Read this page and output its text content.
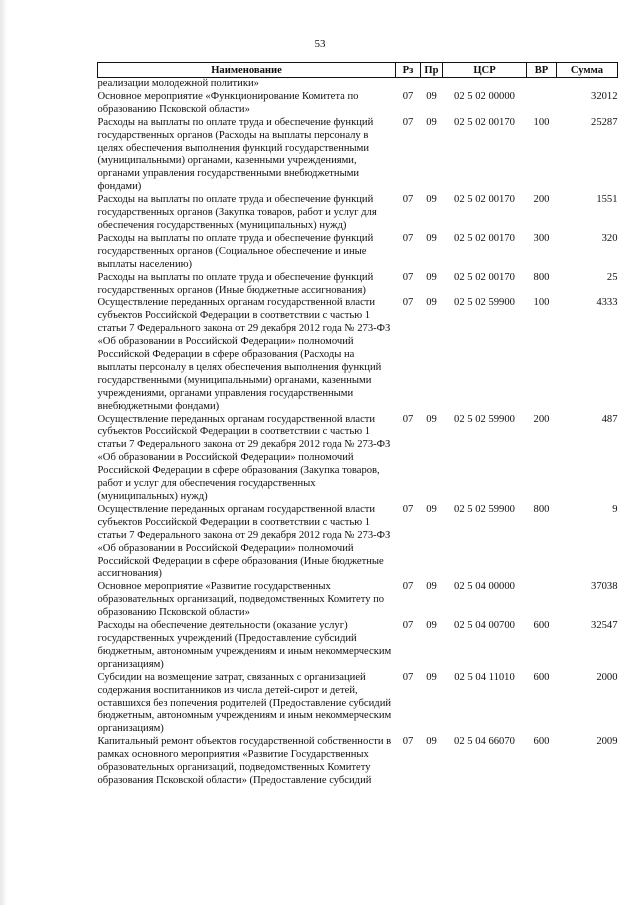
53
Наименование	Рз	Пр	ЦСР	ВР	Сумма
реализации молодежной политики»					
Основное мероприятие «Функционирование Комитета по образованию Псковской области»	07	09	02 5 02 00000		32012
Расходы на выплаты по оплате труда и обеспечение функций государственных органов (Расходы на выплаты персоналу в целях обеспечения выполнения функций государственными (муниципальными) органами, казенными учреждениями, органами управления государственными внебюджетными фондами)	07	09	02 5 02 00170	100	25287
Расходы на выплаты по оплате труда и обеспечение функций государственных органов (Закупка товаров, работ и услуг для обеспечения государственных (муниципальных) нужд)	07	09	02 5 02 00170	200	1551
Расходы на выплаты по оплате труда и обеспечение функций государственных органов (Социальное обеспечение и иные выплаты населению)	07	09	02 5 02 00170	300	320
Расходы на выплаты по оплате труда и обеспечение функций государственных органов (Иные бюджетные ассигнования)	07	09	02 5 02 00170	800	25
Осуществление переданных органам государственной власти субъектов Российской Федерации в соответствии с частью 1 статьи 7 Федерального закона от 29 декабря 2012 года № 273-ФЗ «Об образовании в Российской Федерации» полномочий Российской Федерации в сфере образования (Расходы на выплаты персоналу в целях обеспечения выполнения функций государственными (муниципальными) органами, казенными учреждениями, органами управления государственными внебюджетными фондами)	07	09	02 5 02 59900	100	4333
Осуществление переданных органам государственной власти субъектов Российской Федерации в соответствии с частью 1 статьи 7 Федерального закона от 29 декабря 2012 года № 273-ФЗ «Об образовании в Российской Федерации» полномочий Российской Федерации в сфере образования (Закупка товаров, работ и услуг для обеспечения государственных (муниципальных) нужд)	07	09	02 5 02 59900	200	487
Осуществление переданных органам государственной власти субъектов Российской Федерации в соответствии с частью 1 статьи 7 Федерального закона от 29 декабря 2012 года № 273-ФЗ «Об образовании в Российской Федерации» полномочий Российской Федерации в сфере образования (Иные бюджетные ассигнования)	07	09	02 5 02 59900	800	9
Основное мероприятие «Развитие государственных образовательных организаций, подведомственных Комитету по образованию Псковской области»	07	09	02 5 04 00000		37038
Расходы на обеспечение деятельности (оказание услуг) государственных учреждений (Предоставление субсидий бюджетным, автономным учреждениям и иным некоммерческим организациям)	07	09	02 5 04 00700	600	32547
Субсидии на возмещение затрат, связанных с организацией содержания воспитанников из числа детей-сирот и детей, оставшихся без попечения родителей (Предоставление субсидий бюджетным, автономным учреждениям и иным некоммерческим организациям)	07	09	02 5 04 11010	600	2000
Капитальный ремонт объектов государственной собственности в рамках основного мероприятия «Развитие Государственных образовательных организаций, подведомственных Комитету образования Псковской области» (Предоставление субсидий	07	09	02 5 04 66070	600	2009
